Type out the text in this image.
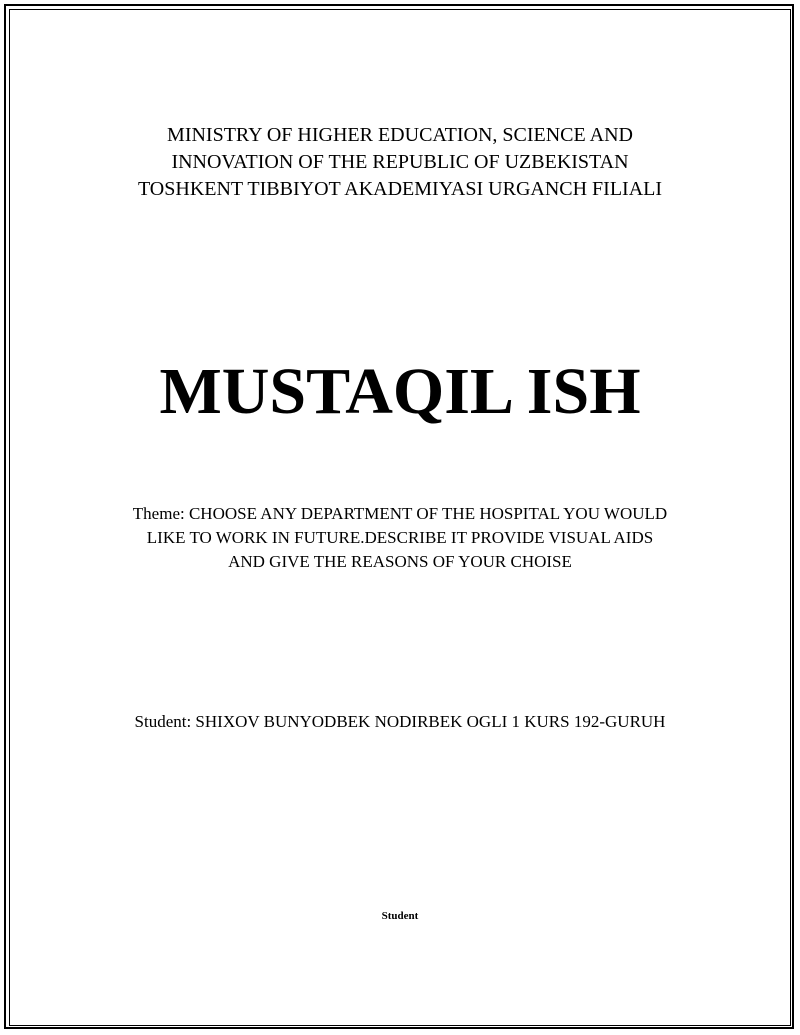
MINISTRY OF HIGHER EDUCATION, SCIENCE AND
INNOVATION OF THE REPUBLIC OF UZBEKISTAN
TOSHKENT TIBBIYOT AKADEMIYASI URGANCH FILIALI
MUSTAQIL ISH
Theme: CHOOSE ANY DEPARTMENT OF THE HOSPITAL YOU WOULD LIKE TO WORK IN FUTURE.DESCRIBE IT PROVIDE VISUAL AIDS AND GIVE THE REASONS OF YOUR CHOISE
Student: SHIXOV BUNYODBEK NODIRBEK OGLI 1 KURS 192-GURUH
Student
